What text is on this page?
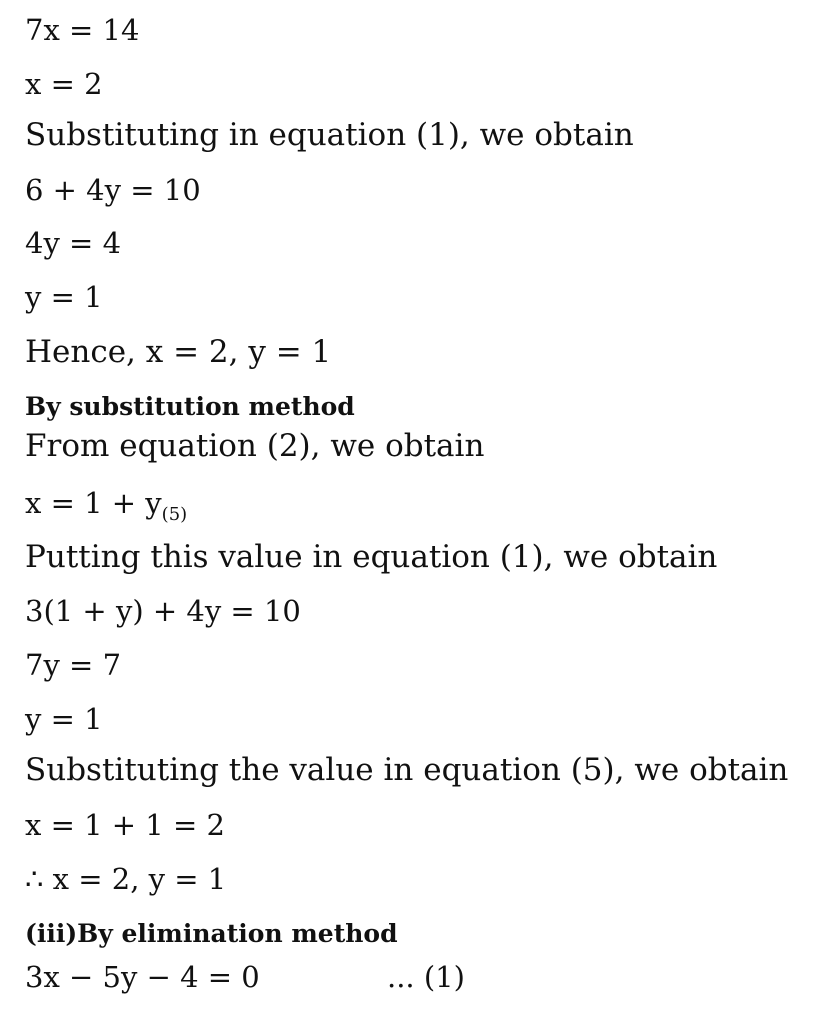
7x = 14
x = 2
Substituting in equation (1), we obtain
6 + 4y = 10
4y = 4
y = 1
Hence, x = 2, y = 1
By substitution method
From equation (2), we obtain
$x = 1 + y_{(5)}$
Putting this value in equation (1), we obtain
3(1 + y) + 4y = 10
7y = 7
y = 1
Substituting the value in equation (5), we obtain
x = 1 + 1 = 2
∴ x = 2, y = 1
(iii)By elimination method
3x − 5y − 4 = 0	... (1)
